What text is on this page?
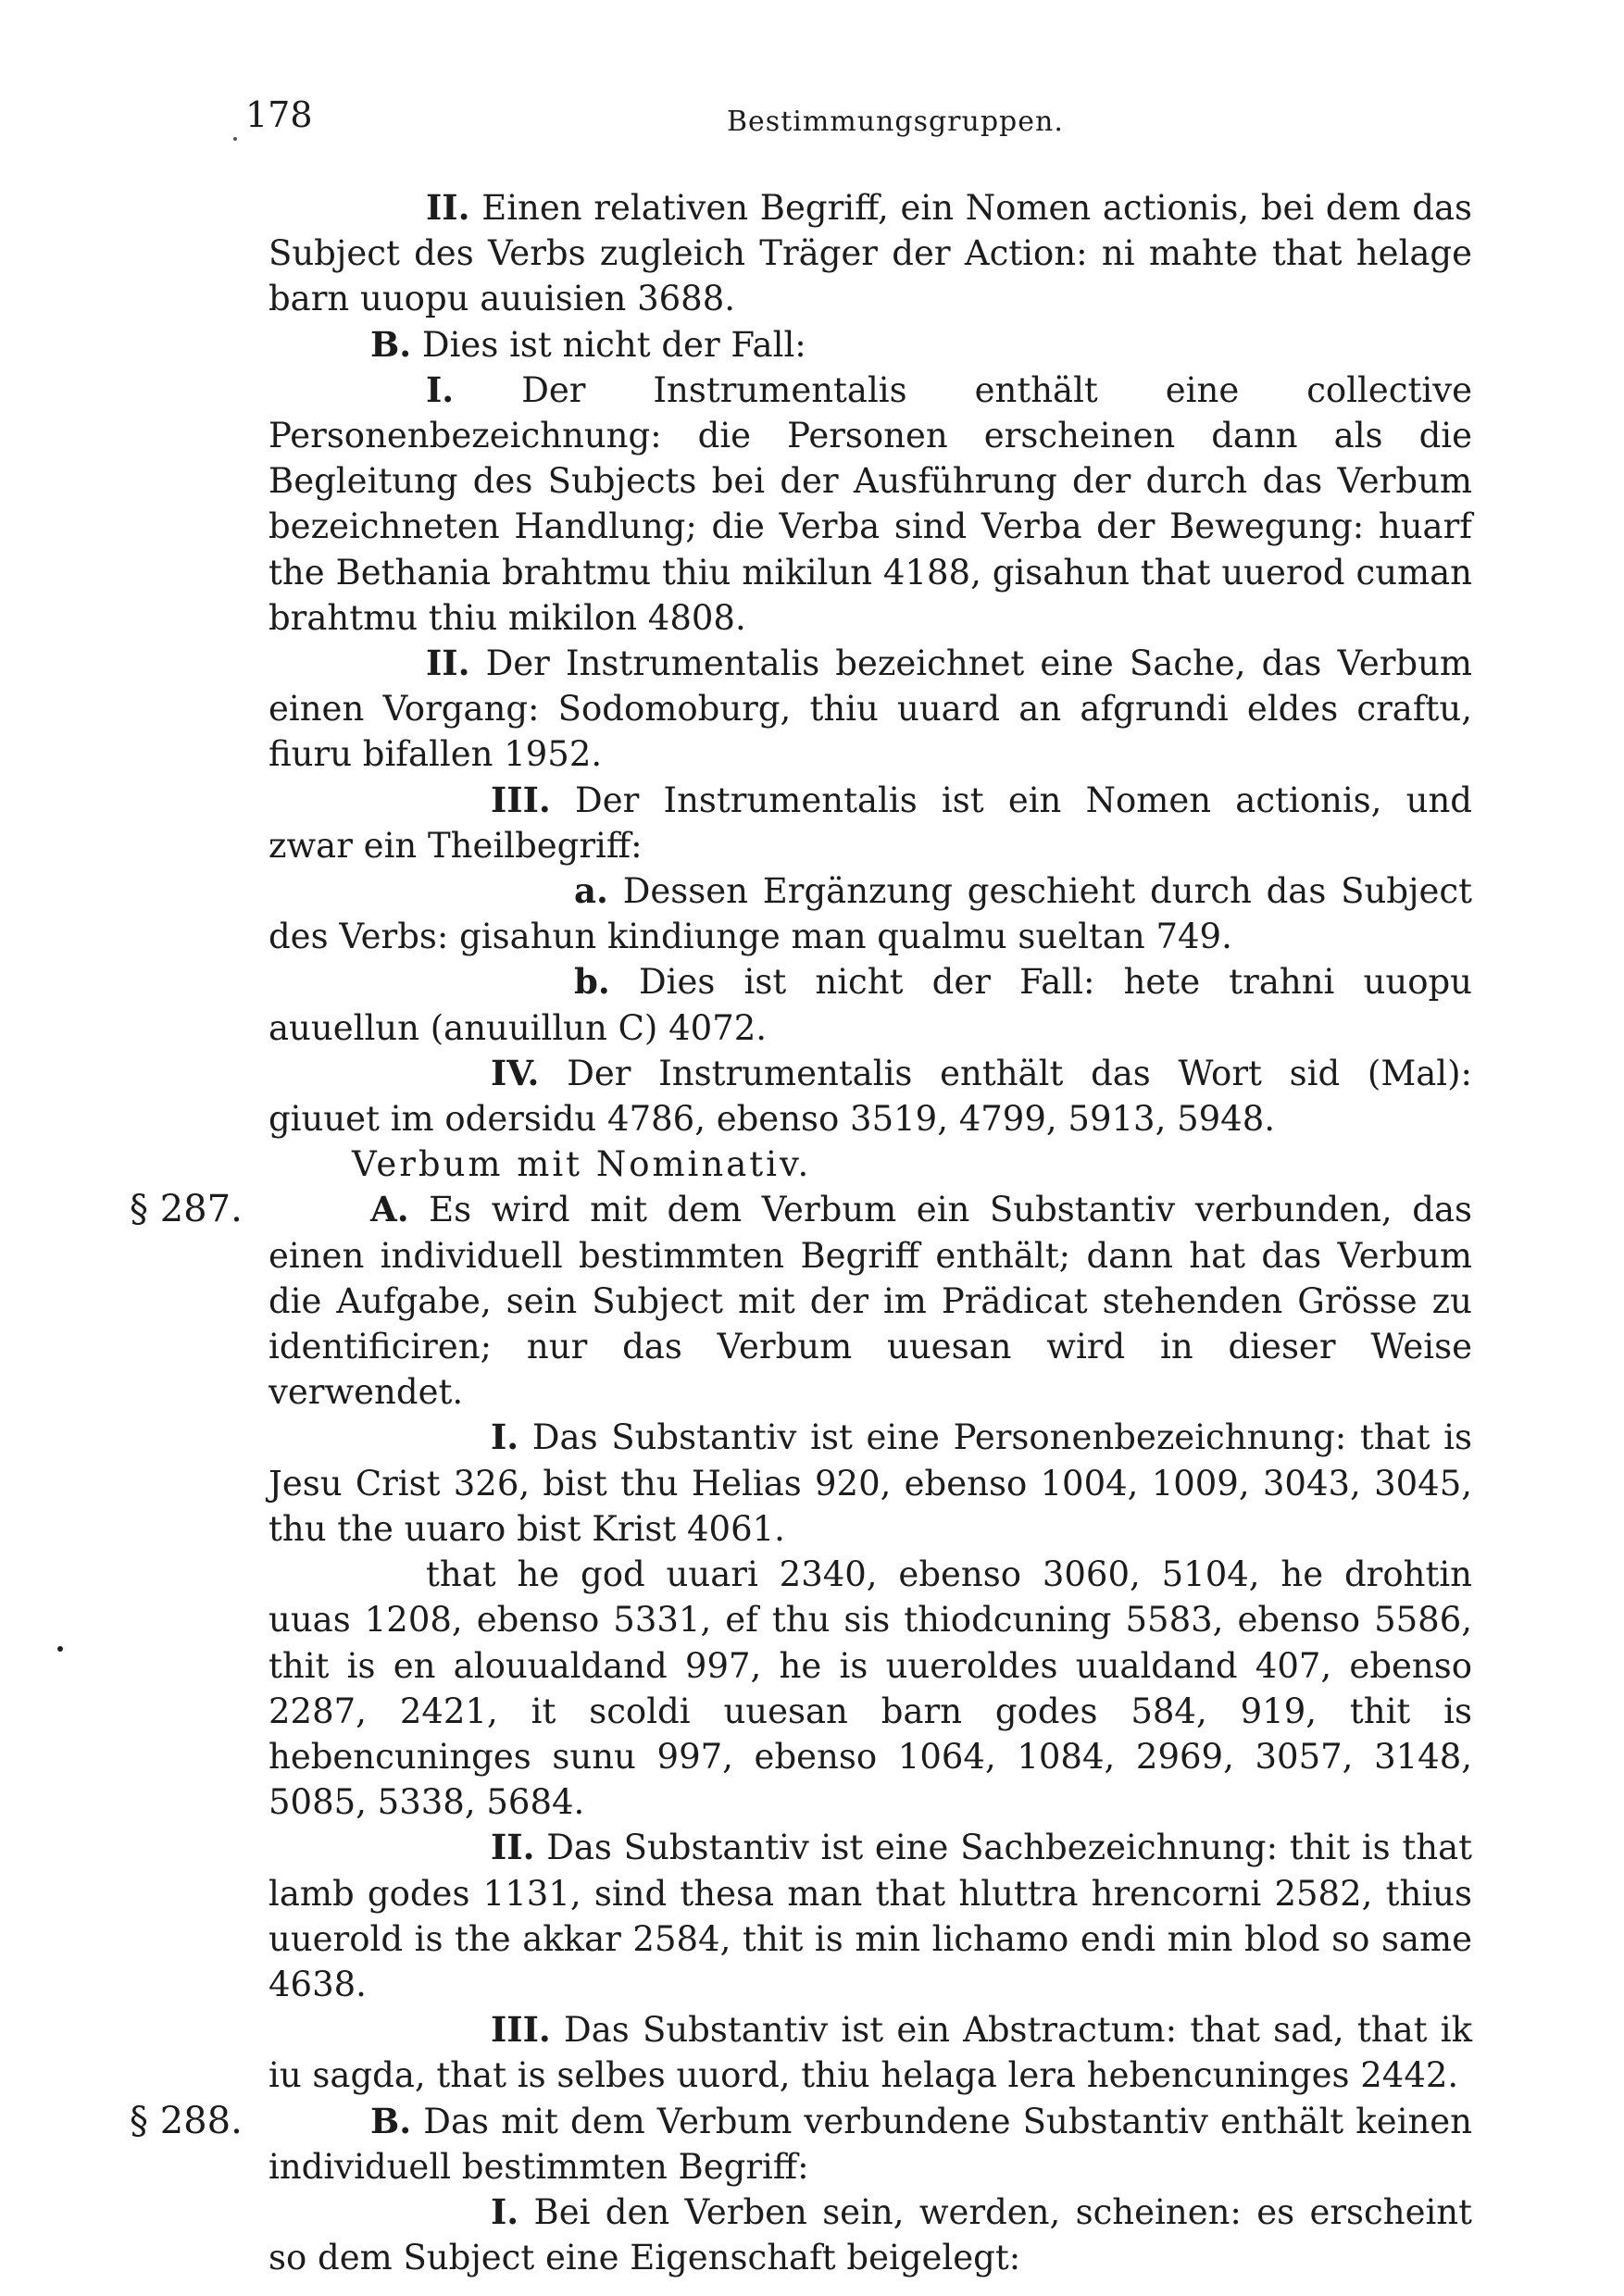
178	Bestimmungsgruppen.

II. Einen relativen Begriff, ein Nomen actionis, bei dem das Subject des Verbs zugleich Träger der Action: ni mahte that helage barn uuopu auuisien 3688.

B. Dies ist nicht der Fall:

I. Der Instrumentalis enthält eine collective Personenbezeichnung: die Personen erscheinen dann als die Begleitung des Subjects bei der Ausführung der durch das Verbum bezeichneten Handlung; die Verba sind Verba der Bewegung: huarf the Bethania brahtmu thiu mikilun 4188, gisahun that uuerod cuman brahtmu thiu mikilon 4808.

II. Der Instrumentalis bezeichnet eine Sache, das Verbum einen Vorgang: Sodomoburg, thiu uuard an afgrundi eldes craftu, fiuru bifallen 1952.

III. Der Instrumentalis ist ein Nomen actionis, und zwar ein Theilbegriff:

a. Dessen Ergänzung geschieht durch das Subject des Verbs: gisahun kindiunge man qualmu sueltan 749.

b. Dies ist nicht der Fall: hete trahni uuopu auuellun (anuuillun C) 4072.

IV. Der Instrumentalis enthält das Wort sid (Mal): giuuet im odersidu 4786, ebenso 3519, 4799, 5913, 5948.

Verbum mit Nominativ.

§ 287.	A. Es wird mit dem Verbum ein Substantiv verbunden, das einen individuell bestimmten Begriff enthält; dann hat das Verbum die Aufgabe, sein Subject mit der im Prädicat stehenden Grösse zu identificiren; nur das Verbum uuesan wird in dieser Weise verwendet.

I. Das Substantiv ist eine Personenbezeichnung: that is Jesu Crist 326, bist thu Helias 920, ebenso 1004, 1009, 3043, 3045, thu the uuaro bist Krist 4061.

that he god uuari 2340, ebenso 3060, 5104, he drohtin uuas 1208, ebenso 5331, ef thu sis thiodcuning 5583, ebenso 5586, thit is en alouualdand 997, he is uueroldes uualdand 407, ebenso 2287, 2421, it scoldi uuesan barn godes 584, 919, thit is hebencuninges sunu 997, ebenso 1064, 1084, 2969, 3057, 3148, 5085, 5338, 5684.

II. Das Substantiv ist eine Sachbezeichnung: thit is that lamb godes 1131, sind thesa man that hluttra hrencorni 2582, thius uuerold is the akkar 2584, thit is min lichamo endi min blod so same 4638.

III. Das Substantiv ist ein Abstractum: that sad, that ik iu sagda, that is selbes uuord, thiu helaga lera hebencuninges 2442.

§ 288.	B. Das mit dem Verbum verbundene Substantiv enthält keinen individuell bestimmten Begriff:

I. Bei den Verben sein, werden, scheinen: es erscheint so dem Subject eine Eigenschaft beigelegt:
